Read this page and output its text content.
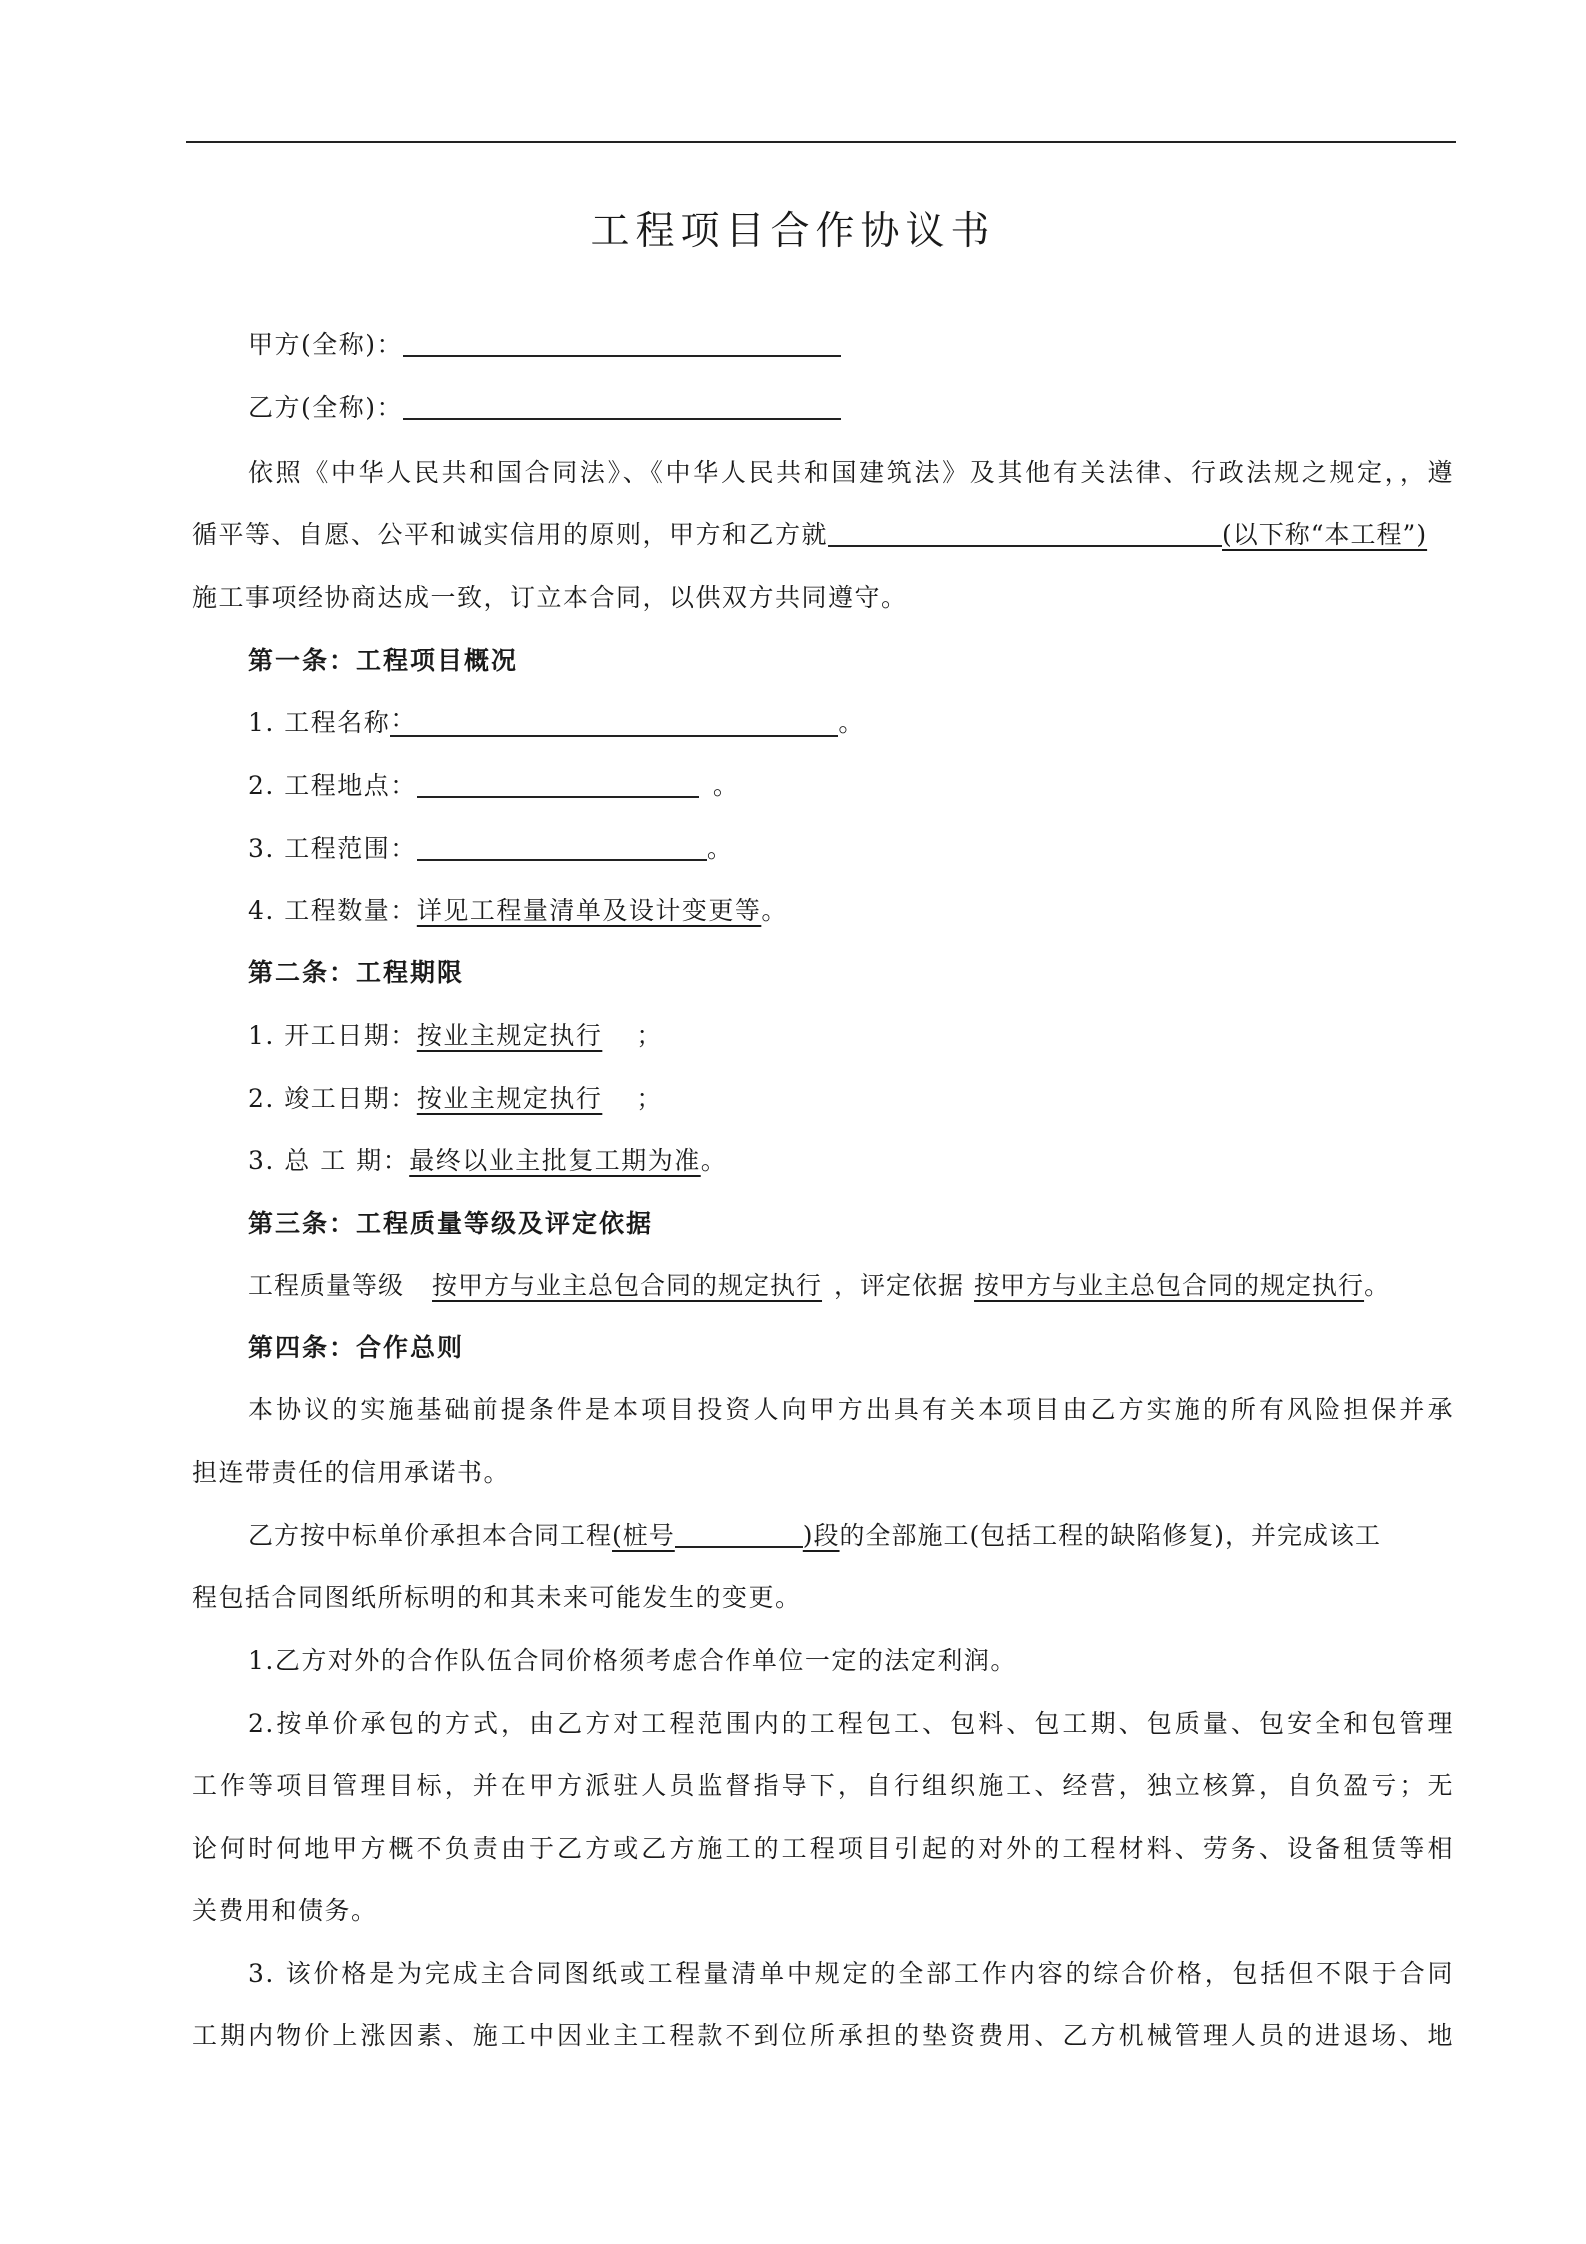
工程项目合作协议书
甲方(全称)：
乙方(全称)：
依照《中华人民共和国合同法》、《中华人民共和国建筑法》及其他有关法律、行政法规之规定，，遵
循平等、自愿、公平和诚实信用的原则，甲方和乙方就	(以下称“本工程”)
施工事项经协商达成一致，订立本合同，以供双方共同遵守。
第一条：工程项目概况
1. 工程名称：	。
2. 工程地点：	。
3. 工程范围：	。
4. 工程数量：详见工程量清单及设计变更等。
第二条：工程期限
1. 开工日期：按业主规定执行 ；
2. 竣工日期：按业主规定执行 ；
3. 总 工 期：最终以业主批复工期为准。
第三条：工程质量等级及评定依据
工程质量等级 按甲方与业主总包合同的规定执行 ，评定依据 按甲方与业主总包合同的规定执行。
第四条：合作总则
本协议的实施基础前提条件是本项目投资人向甲方出具有关本项目由乙方实施的所有风险担保并承
担连带责任的信用承诺书。
乙方按中标单价承担本合同工程(桩号	)段的全部施工(包括工程的缺陷修复)，并完成该工
程包括合同图纸所标明的和其未来可能发生的变更。
1.乙方对外的合作队伍合同价格须考虑合作单位一定的法定利润。
2.按单价承包的方式，由乙方对工程范围内的工程包工、包料、包工期、包质量、包安全和包管理
工作等项目管理目标，并在甲方派驻人员监督指导下，自行组织施工、经营，独立核算，自负盈亏；无
论何时何地甲方概不负责由于乙方或乙方施工的工程项目引起的对外的工程材料、劳务、设备租赁等相
关费用和债务。
3. 该价格是为完成主合同图纸或工程量清单中规定的全部工作内容的综合价格，包括但不限于合同
工期内物价上涨因素、施工中因业主工程款不到位所承担的垫资费用、乙方机械管理人员的进退场、地
